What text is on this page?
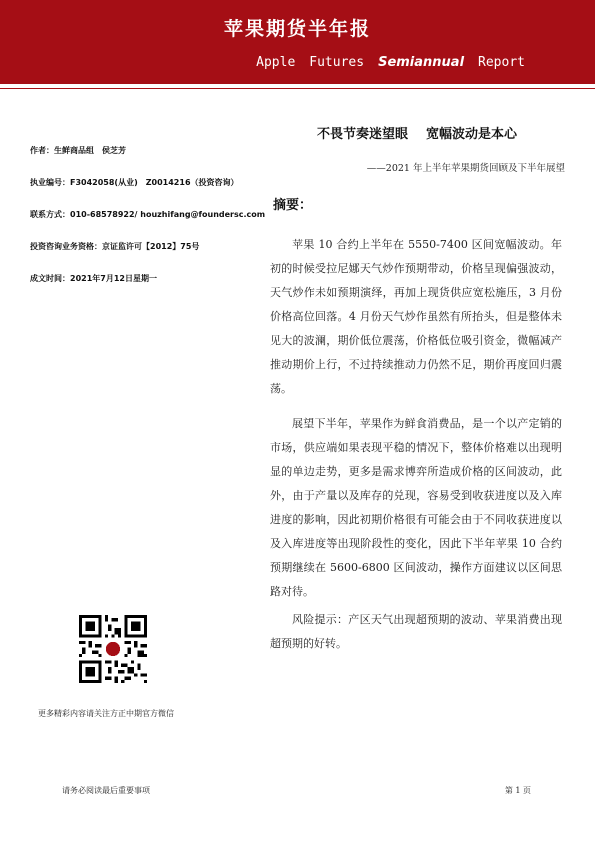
苹果期货半年报
Apple Futures Semiannual Report
作者：生鲜商品组　侯芝芳
执业编号：F3042058(从业)　Z0014216（投资咨询）
联系方式：010-68578922/ houzhifang@foundersc.com
投资咨询业务资格：京证监许可【2012】75号
成文时间：2021年7月12日星期一
不畏节奏迷望眼 宽幅波动是本心
——2021 年上半年苹果期货回顾及下半年展望
摘要：

苹果 10 合约上半年在 5550-7400 区间宽幅波动。年初的时候受拉尼娜天气炒作预期带动，价格呈现偏强波动，天气炒作未如预期演绎，再加上现货供应宽松施压，3 月份价格高位回落。4 月份天气炒作虽然有所抬头，但是整体未见大的波澜，期价低位震荡，价格低位吸引资金，微幅减产推动期价上行，不过持续推动力仍然不足，期价再度回归震荡。

展望下半年，苹果作为鲜食消费品，是一个以产定销的市场，供应端如果表现平稳的情况下，整体价格难以出现明显的单边走势，更多是需求博弈所造成价格的区间波动，此外，由于产量以及库存的兑现，容易受到收获进度以及入库进度的影响，因此初期价格很有可能会由于不同收获进度以及入库进度等出现阶段性的变化，因此下半年苹果 10 合约预期继续在 5600-6800 区间波动，操作方面建议以区间思路对待。

风险提示：产区天气出现超预期的波动、苹果消费出现超预期的好转。

更多精彩内容请关注方正中期官方微信
请务必阅读最后重要事项	第 1 页
